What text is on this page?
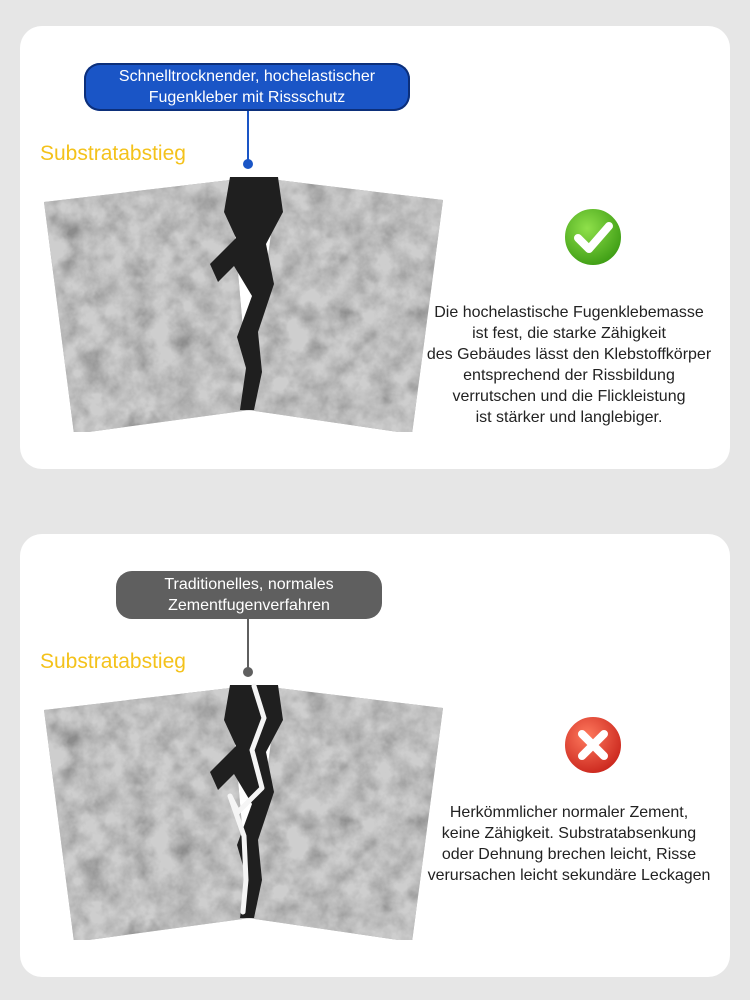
Schnelltrocknender, hochelastischer
Fugenkleber mit Rissschutz
Substratabstieg
Die hochelastische Fugenklebemasse
ist fest, die starke Zähigkeit
des Gebäudes lässt den Klebstoffkörper
entsprechend der Rissbildung
verrutschen und die Flickleistung
ist stärker und langlebiger.
Traditionelles, normales
Zementfugenverfahren
Substratabstieg
Herkömmlicher normaler Zement,
keine Zähigkeit. Substratabsenkung
oder Dehnung brechen leicht, Risse
verursachen leicht sekundäre Leckagen
